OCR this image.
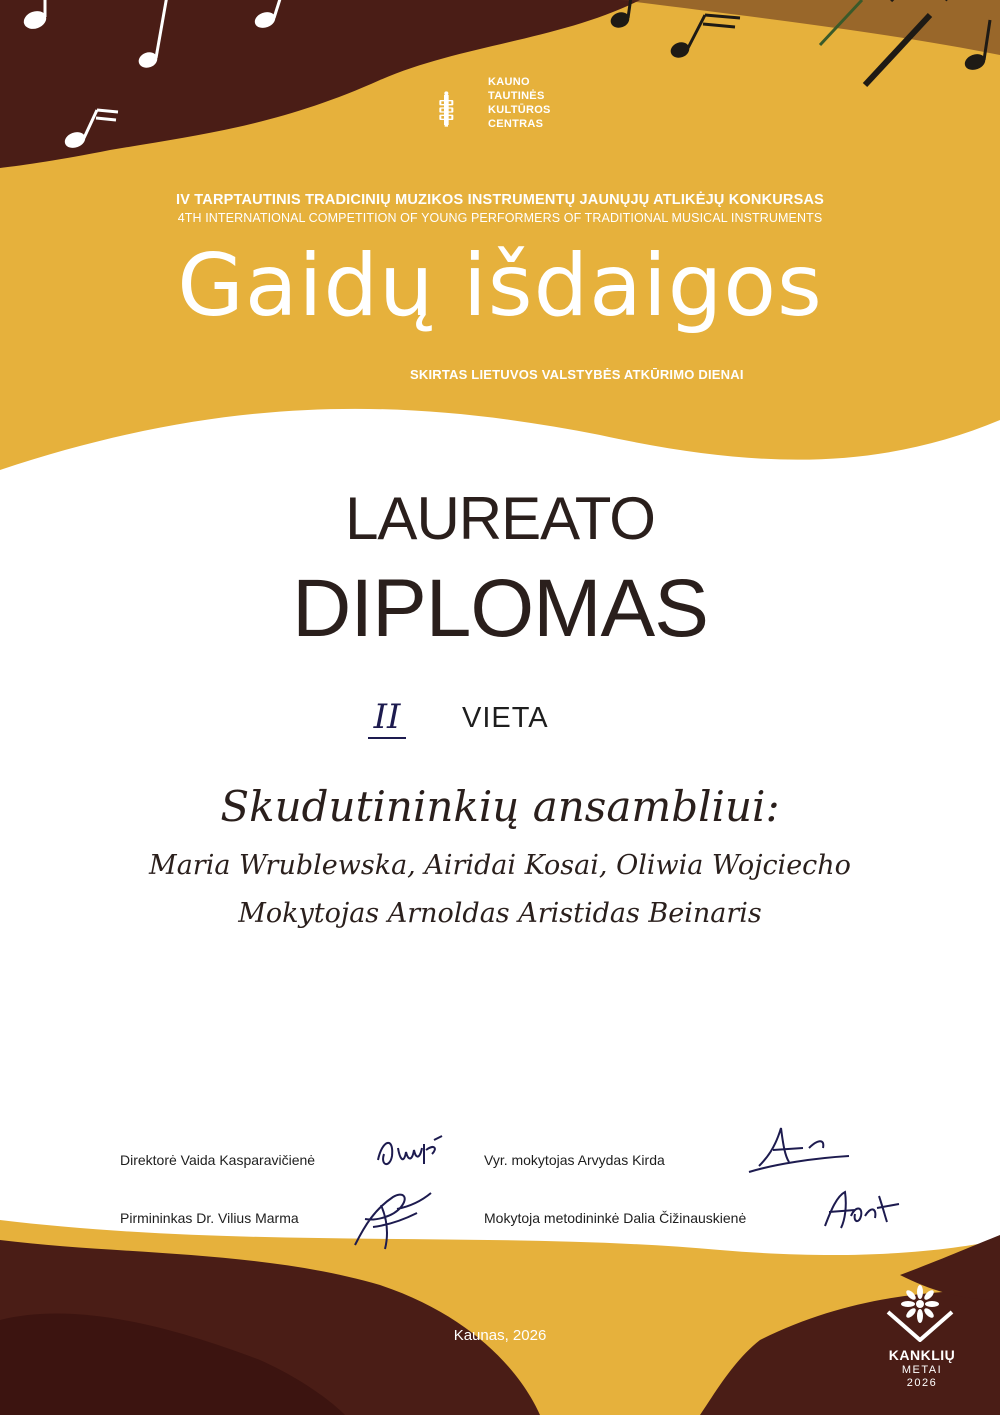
KAUNO
TAUTINĖS
KULTŪROS
CENTRAS
IV TARPTAUTINIS TRADICINIŲ MUZIKOS INSTRUMENTŲ JAUNŲJŲ ATLIKĖJŲ KONKURSAS
4TH INTERNATIONAL COMPETITION OF YOUNG PERFORMERS OF TRADITIONAL MUSICAL INSTRUMENTS
Gaidų išdaigos
SKIRTAS LIETUVOS VALSTYBĖS ATKŪRIMO DIENAI
LAUREATO
DIPLOMAS
II VIETA
Skudutininkių ansambliui:
Maria Wrublewska, Airidai Kosai, Oliwia Wojciecho
Mokytojas Arnoldas Aristidas Beinaris
Direktorė Vaida Kasparavičienė	Vyr. mokytojas Arvydas Kirda
Pirmininkas Dr. Vilius Marma	Mokytoja metodininkė Dalia Čižinauskienė
Kaunas, 2026
KANKLIŲ
METAI
2026
